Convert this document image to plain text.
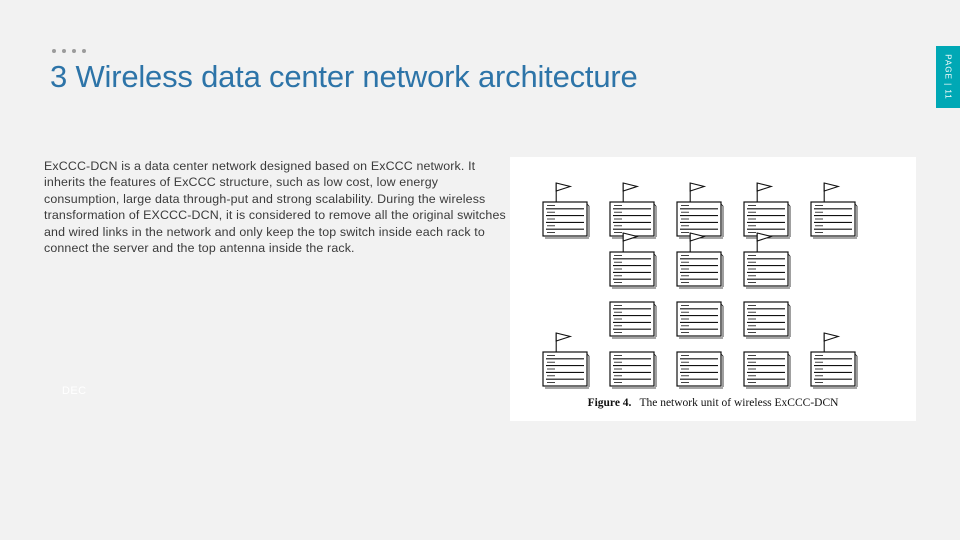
3 Wireless data center network architecture	PAGE | 11
ExCCC-DCN is a data center network designed based on ExCCC network. It inherits the features of ExCCC structure, such as low cost, low energy consumption, large data through-put and strong scalability. During the wireless transformation of EXCCC-DCN, it is considered to remove all the original switches and wired links in the network and only keep the top switch inside each rack to connect the server and the top antenna inside the rack.
DEC
Figure 4. The network unit of wireless ExCCC-DCN
